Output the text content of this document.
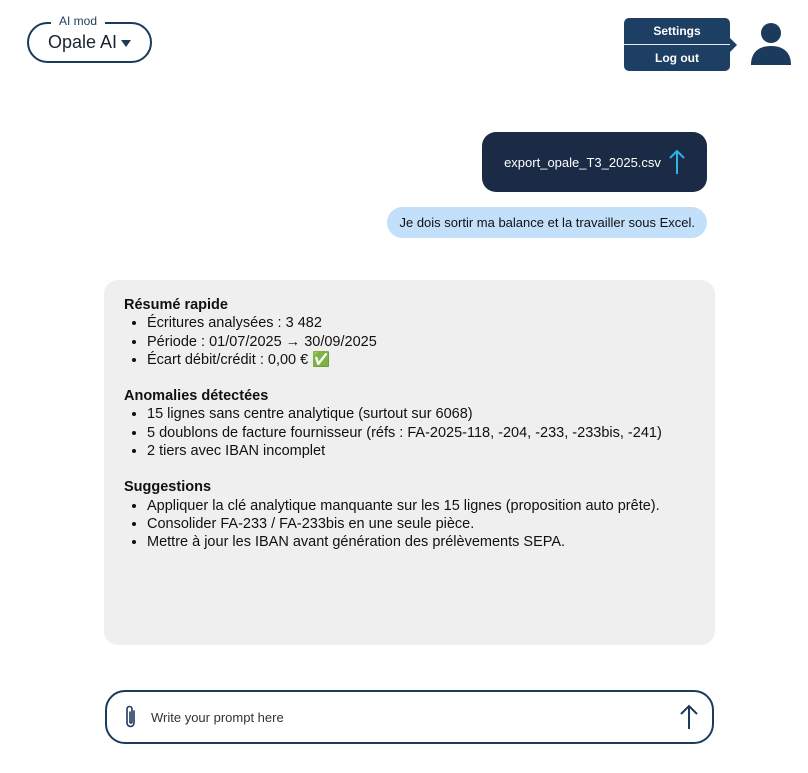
AI mod
Opale AI
Settings
Log out
export_opale_T3_2025.csv
Je dois sortir ma balance et la travailler sous Excel.
Résumé rapide
• Écritures analysées : 3 482
• Période : 01/07/2025 → 30/09/2025
• Écart débit/crédit : 0,00 € ✅
Anomalies détectées
• 15 lignes sans centre analytique (surtout sur 6068)
• 5 doublons de facture fournisseur (réfs : FA-2025-118, -204, -233, -233bis, -241)
• 2 tiers avec IBAN incomplet
Suggestions
• Appliquer la clé analytique manquante sur les 15 lignes (proposition auto prête).
• Consolider FA-233 / FA-233bis en une seule pièce.
• Mettre à jour les IBAN avant génération des prélèvements SEPA.
Write your prompt here
